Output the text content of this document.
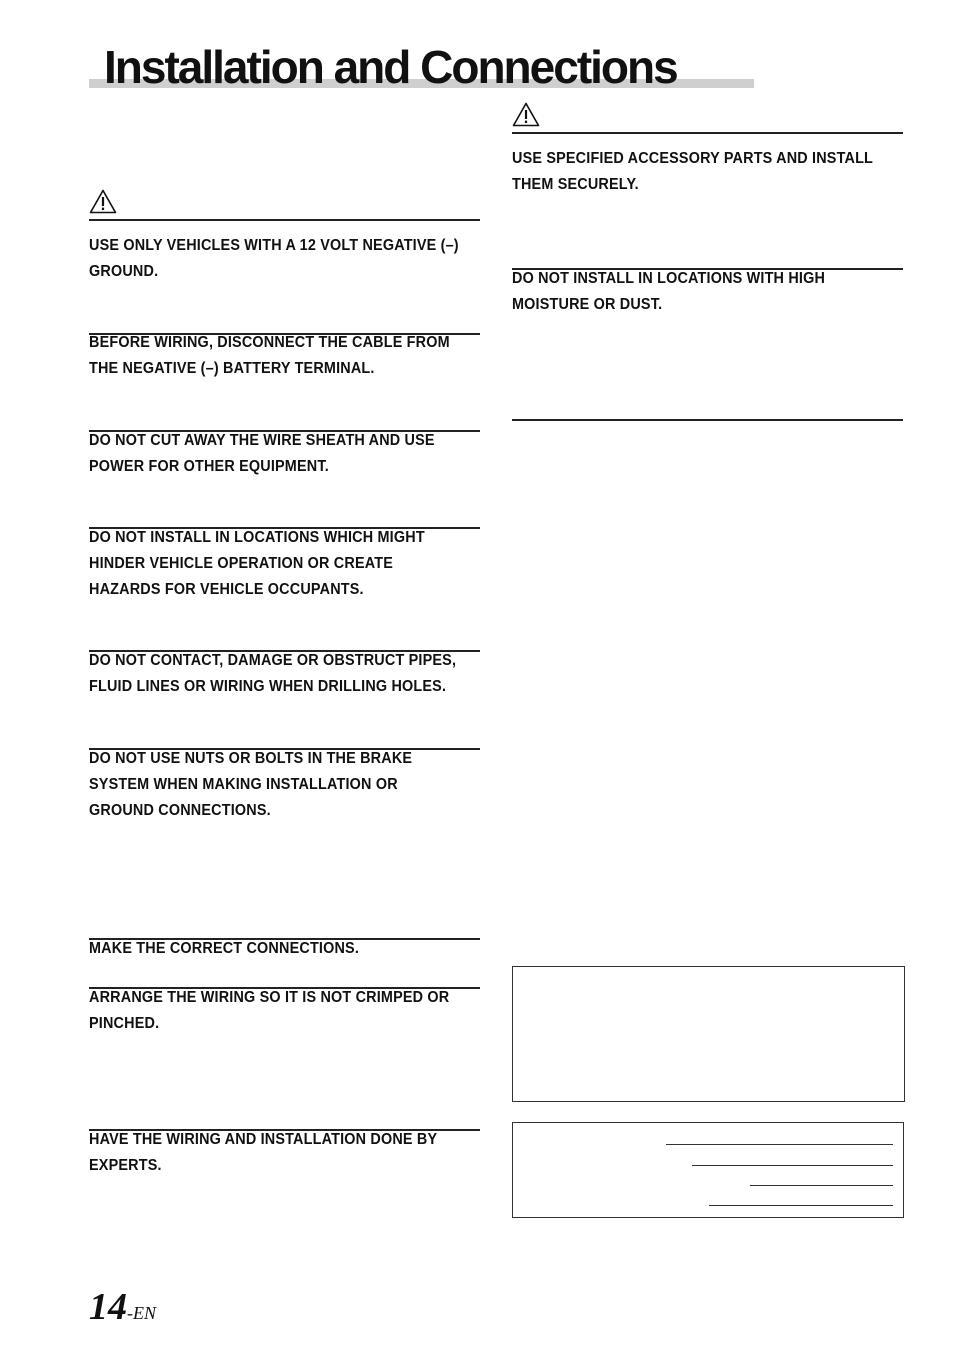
Installation and Connections

USE ONLY VEHICLES WITH A 12 VOLT NEGATIVE (–)
GROUND.

BEFORE WIRING, DISCONNECT THE CABLE FROM
THE NEGATIVE (–) BATTERY TERMINAL.

DO NOT CUT AWAY THE WIRE SHEATH AND USE
POWER FOR OTHER EQUIPMENT.

DO NOT INSTALL IN LOCATIONS WHICH MIGHT
HINDER VEHICLE OPERATION OR CREATE
HAZARDS FOR VEHICLE OCCUPANTS.

DO NOT CONTACT, DAMAGE OR OBSTRUCT PIPES,
FLUID LINES OR WIRING WHEN DRILLING HOLES.

DO NOT USE NUTS OR BOLTS IN THE BRAKE
SYSTEM WHEN MAKING INSTALLATION OR
GROUND CONNECTIONS.

MAKE THE CORRECT CONNECTIONS.

ARRANGE THE WIRING SO IT IS NOT CRIMPED OR
PINCHED.

HAVE THE WIRING AND INSTALLATION DONE BY
EXPERTS.

USE SPECIFIED ACCESSORY PARTS AND INSTALL
THEM SECURELY.

DO NOT INSTALL IN LOCATIONS WITH HIGH
MOISTURE OR DUST.

14-EN
